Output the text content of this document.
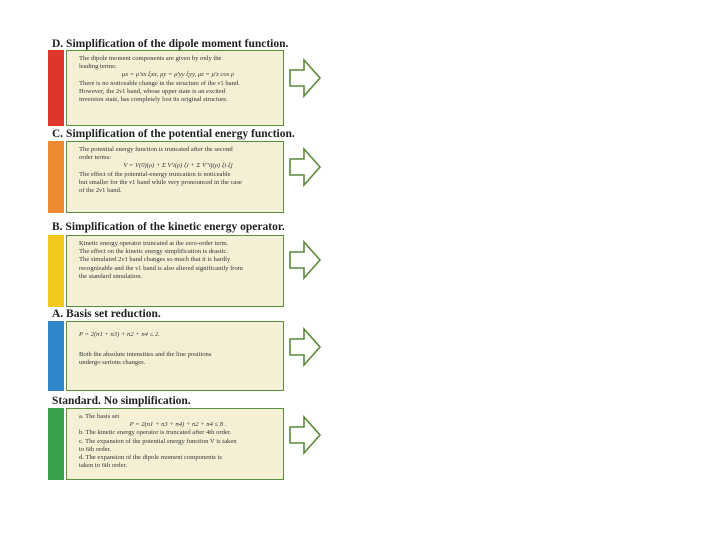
D. Simplification of the dipole moment function.

The dipole moment components are given by only the

leading terms:

μx = μ'xx ξxx, μy = μ'yy ξyy, μz = μ'z cos ρ

There is no noticeable change in the structure of the ν1 band.

However, the 2ν1 band, whose upper state is an excited

inversion state, has completely lost its original structure.

C. Simplification of the potential energy function.

The potential energy function is truncated after the second

order terms:

V = V(0)(ρ) + Σ V'i(ρ) ξi + Σ V''ij(ρ) ξi ξj

The effect of the potential-energy truncation is noticeable

but smaller for the ν1 band while very pronounced in the case

of the 2ν1 band.

B. Simplification of the kinetic energy operator.

Kinetic energy operator truncated at the zero-order term.

The effect on the kinetic energy simplification is drastic.

The simulated 2ν1 band changes so much that it is hardly

recognizable and the ν1 band is also altered significantly from

the standard simulation.

A. Basis set reduction.

P = 2(n1 + n3) + n2 + n4 ≤ 2.

Both the absolute intensities and the line positions

undergo serious changes.

Standard. No simplification.

a. The basis set

P = 2(n1 + n3 + n4) + n2 + n4 ≤ 8 .

b. The kinetic energy operator is truncated after 4th order.

c. The expansion of the potential energy function V is taken

to 6th order.

d. The expansion of the dipole moment components is

taken to 6th order.
